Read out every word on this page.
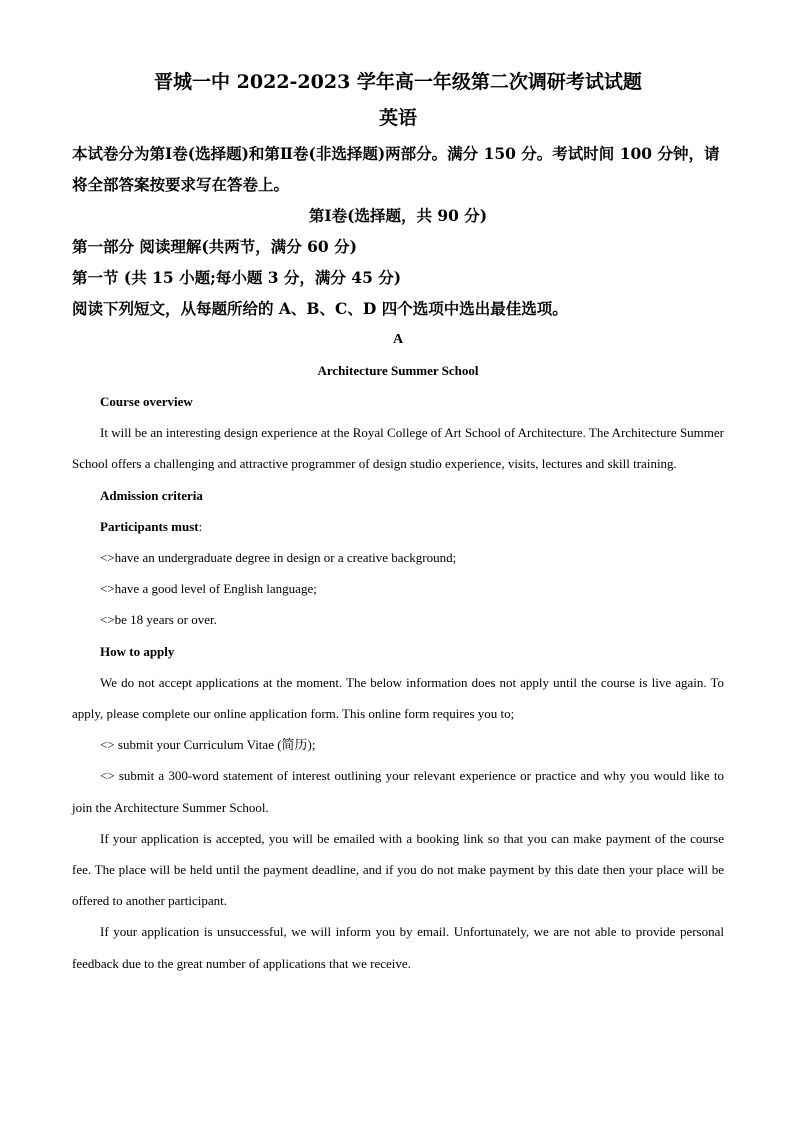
晋城一中 2022-2023 学年高一年级第二次调研考试试题
英语

本试卷分为第Ⅰ卷(选择题)和第Ⅱ卷(非选择题)两部分。满分 150 分。考试时间 100 分钟，请将全部答案按要求写在答卷上。

第Ⅰ卷(选择题，共 90 分)

第一部分 阅读理解(共两节，满分 60 分)

第一节 (共 15 小题;每小题 3 分，满分 45 分)

阅读下列短文，从每题所给的 A、B、C、D 四个选项中选出最佳选项。

A

Architecture Summer School

Course overview

It will be an interesting design experience at the Royal College of Art School of Architecture. The Architecture Summer School offers a challenging and attractive programmer of design studio experience, visits, lectures and skill training.

Admission criteria

Participants must:

<>have an undergraduate degree in design or a creative background;

<>have a good level of English language;

<>be 18 years or over.

How to apply

We do not accept applications at the moment. The below information does not apply until the course is live again. To apply, please complete our online application form. This online form requires you to;

<> submit your Curriculum Vitae (简历);

<> submit a 300-word statement of interest outlining your relevant experience or practice and why you would like to join the Architecture Summer School.

If your application is accepted, you will be emailed with a booking link so that you can make payment of the course fee. The place will be held until the payment deadline, and if you do not make payment by this date then your place will be offered to another participant.

If your application is unsuccessful, we will inform you by email. Unfortunately, we are not able to provide personal feedback due to the great number of applications that we receive.
